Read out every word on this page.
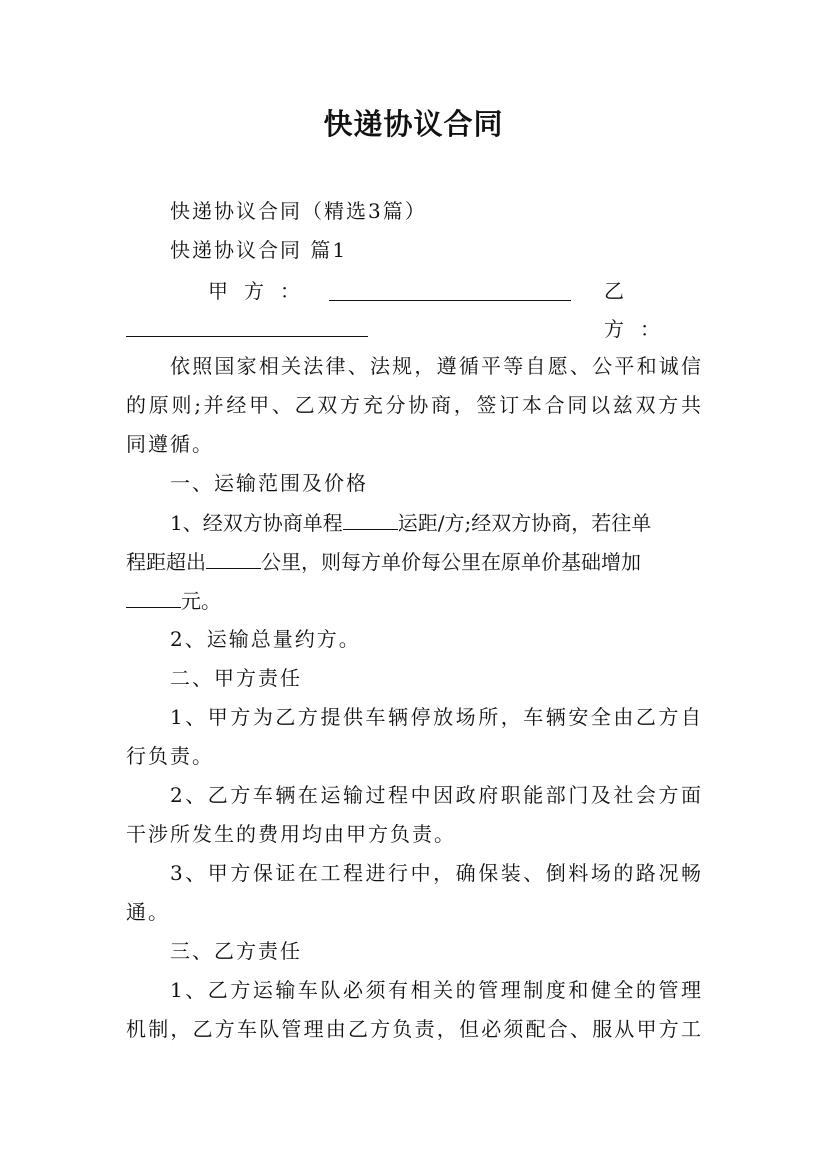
快递协议合同
快递协议合同（精选3篇）
快递协议合同 篇1
甲方：	乙方：
依照国家相关法律、法规，遵循平等自愿、公平和诚信
的原则;并经甲、乙双方充分协商，签订本合同以兹双方共
同遵循。
一、运输范围及价格
1、经双方协商单程	运距/方;经双方协商，若往单
程距超出	公里，则每方单价每公里在原单价基础增加
元。
2、运输总量约方。
二、甲方责任
1、甲方为乙方提供车辆停放场所，车辆安全由乙方自
行负责。
2、乙方车辆在运输过程中因政府职能部门及社会方面
干涉所发生的费用均由甲方负责。
3、甲方保证在工程进行中，确保装、倒料场的路况畅
通。
三、乙方责任
1、乙方运输车队必须有相关的管理制度和健全的管理
机制，乙方车队管理由乙方负责，但必须配合、服从甲方工
